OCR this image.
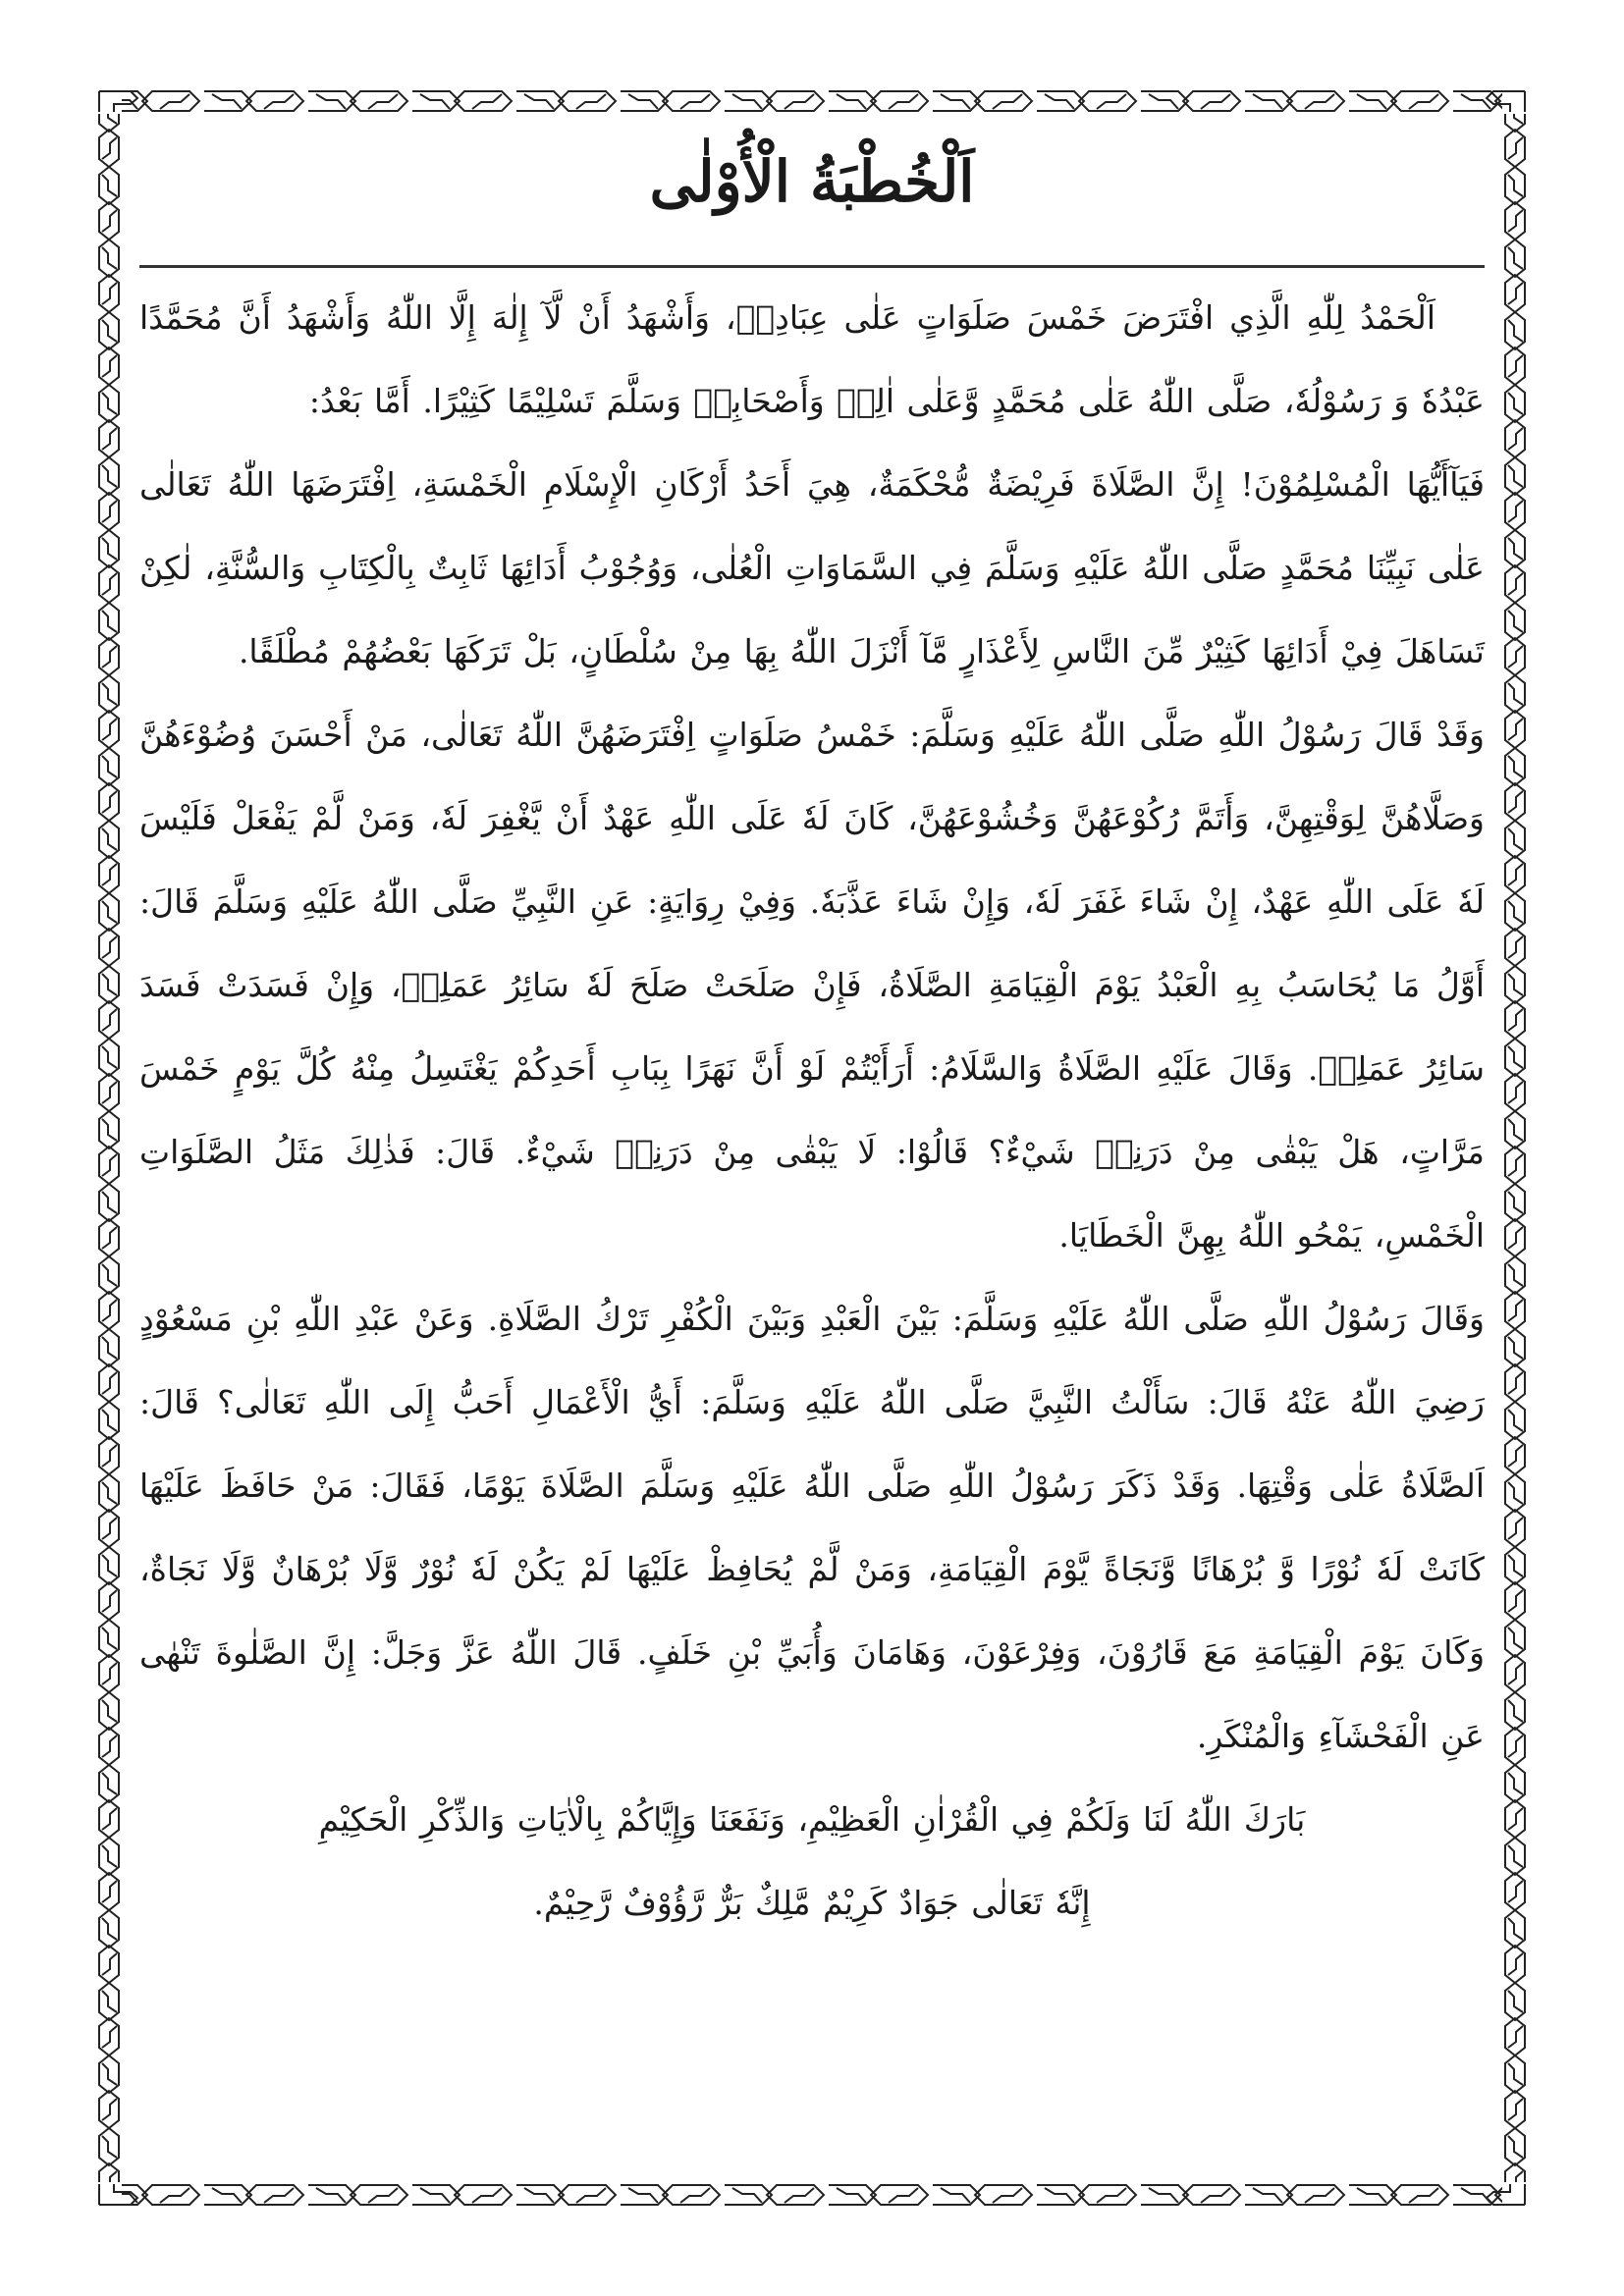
اَلْخُطْبَةُ الْأُوْلٰى

اَلْحَمْدُ لِلّٰهِ الَّذِي افْتَرَضَ خَمْسَ صَلَوَاتٍ عَلٰى عِبَادِهٖ، وَأَشْهَدُ أَنْ لَّآ إِلٰهَ إِلَّا اللّٰهُ وَأَشْهَدُ أَنَّ مُحَمَّدًا عَبْدُهٗ وَ رَسُوْلُهٗ، صَلَّى اللّٰهُ عَلٰى مُحَمَّدٍ وَّعَلٰى اٰلِهٖ وَأَصْحَابِهٖ وَسَلَّمَ تَسْلِيْمًا كَثِيْرًا. أَمَّا بَعْدُ:

فَيَآأَيُّهَا الْمُسْلِمُوْنَ! إِنَّ الصَّلَاةَ فَرِيْضَةٌ مُّحْكَمَةٌ، هِيَ أَحَدُ أَرْكَانِ الْإِسْلَامِ الْخَمْسَةِ، اِفْتَرَضَهَا اللّٰهُ تَعَالٰى عَلٰى نَبِيِّنَا مُحَمَّدٍ صَلَّى اللّٰهُ عَلَيْهِ وَسَلَّمَ فِي السَّمَاوَاتِ الْعُلٰى، وَوُجُوْبُ أَدَائِهَا ثَابِتٌ بِالْكِتَابِ وَالسُّنَّةِ، لٰكِنْ تَسَاهَلَ فِيْ أَدَائِهَا كَثِيْرٌ مِّنَ النَّاسِ لِأَعْذَارٍ مَّآ أَنْزَلَ اللّٰهُ بِهَا مِنْ سُلْطَانٍ، بَلْ تَرَكَهَا بَعْضُهُمْ مُطْلَقًا.

وَقَدْ قَالَ رَسُوْلُ اللّٰهِ صَلَّى اللّٰهُ عَلَيْهِ وَسَلَّمَ: خَمْسُ صَلَوَاتٍ اِفْتَرَضَهُنَّ اللّٰهُ تَعَالٰى، مَنْ أَحْسَنَ وُضُوْءَهُنَّ وَصَلَّاهُنَّ لِوَقْتِهِنَّ، وَأَتَمَّ رُكُوْعَهُنَّ وَخُشُوْعَهُنَّ، كَانَ لَهٗ عَلَى اللّٰهِ عَهْدٌ أَنْ يَّغْفِرَ لَهٗ، وَمَنْ لَّمْ يَفْعَلْ فَلَيْسَ لَهٗ عَلَى اللّٰهِ عَهْدٌ، إِنْ شَاءَ غَفَرَ لَهٗ، وَإِنْ شَاءَ عَذَّبَهٗ. وَفِيْ رِوَايَةٍ: عَنِ النَّبِيِّ صَلَّى اللّٰهُ عَلَيْهِ وَسَلَّمَ قَالَ: أَوَّلُ مَا يُحَاسَبُ بِهِ الْعَبْدُ يَوْمَ الْقِيَامَةِ الصَّلَاةُ، فَإِنْ صَلَحَتْ صَلَحَ لَهٗ سَائِرُ عَمَلِهٖ، وَإِنْ فَسَدَتْ فَسَدَ سَائِرُ عَمَلِهٖ. وَقَالَ عَلَيْهِ الصَّلَاةُ وَالسَّلَامُ: أَرَأَيْتُمْ لَوْ أَنَّ نَهَرًا بِبَابِ أَحَدِكُمْ يَغْتَسِلُ مِنْهُ كُلَّ يَوْمٍ خَمْسَ مَرَّاتٍ، هَلْ يَبْقٰى مِنْ دَرَنِهٖ شَيْءٌ؟ قَالُوْا: لَا يَبْقٰى مِنْ دَرَنِهٖ شَيْءٌ. قَالَ: فَذٰلِكَ مَثَلُ الصَّلَوَاتِ الْخَمْسِ، يَمْحُو اللّٰهُ بِهِنَّ الْخَطَايَا.

وَقَالَ رَسُوْلُ اللّٰهِ صَلَّى اللّٰهُ عَلَيْهِ وَسَلَّمَ: بَيْنَ الْعَبْدِ وَبَيْنَ الْكُفْرِ تَرْكُ الصَّلَاةِ. وَعَنْ عَبْدِ اللّٰهِ بْنِ مَسْعُوْدٍ رَضِيَ اللّٰهُ عَنْهُ قَالَ: سَأَلْتُ النَّبِيَّ صَلَّى اللّٰهُ عَلَيْهِ وَسَلَّمَ: أَيُّ الْأَعْمَالِ أَحَبُّ إِلَى اللّٰهِ تَعَالٰى؟ قَالَ: اَلصَّلَاةُ عَلٰى وَقْتِهَا. وَقَدْ ذَكَرَ رَسُوْلُ اللّٰهِ صَلَّى اللّٰهُ عَلَيْهِ وَسَلَّمَ الصَّلَاةَ يَوْمًا، فَقَالَ: مَنْ حَافَظَ عَلَيْهَا كَانَتْ لَهٗ نُوْرًا وَّ بُرْهَانًا وَّنَجَاةً يَّوْمَ الْقِيَامَةِ، وَمَنْ لَّمْ يُحَافِظْ عَلَيْهَا لَمْ يَكُنْ لَهٗ نُوْرٌ وَّلَا بُرْهَانٌ وَّلَا نَجَاةٌ، وَكَانَ يَوْمَ الْقِيَامَةِ مَعَ قَارُوْنَ، وَفِرْعَوْنَ، وَهَامَانَ وَأُبَيِّ بْنِ خَلَفٍ. قَالَ اللّٰهُ عَزَّ وَجَلَّ: إِنَّ الصَّلٰوةَ تَنْهٰى عَنِ الْفَحْشَآءِ وَالْمُنْكَرِ.

بَارَكَ اللّٰهُ لَنَا وَلَكُمْ فِي الْقُرْاٰنِ الْعَظِيْمِ، وَنَفَعَنَا وَإِيَّاكُمْ بِالْاٰيَاتِ وَالذِّكْرِ الْحَكِيْمِ

إِنَّهٗ تَعَالٰى جَوَادٌ كَرِيْمٌ مَّلِكٌ بَرٌّ رَّؤُوْفٌ رَّحِيْمٌ.
